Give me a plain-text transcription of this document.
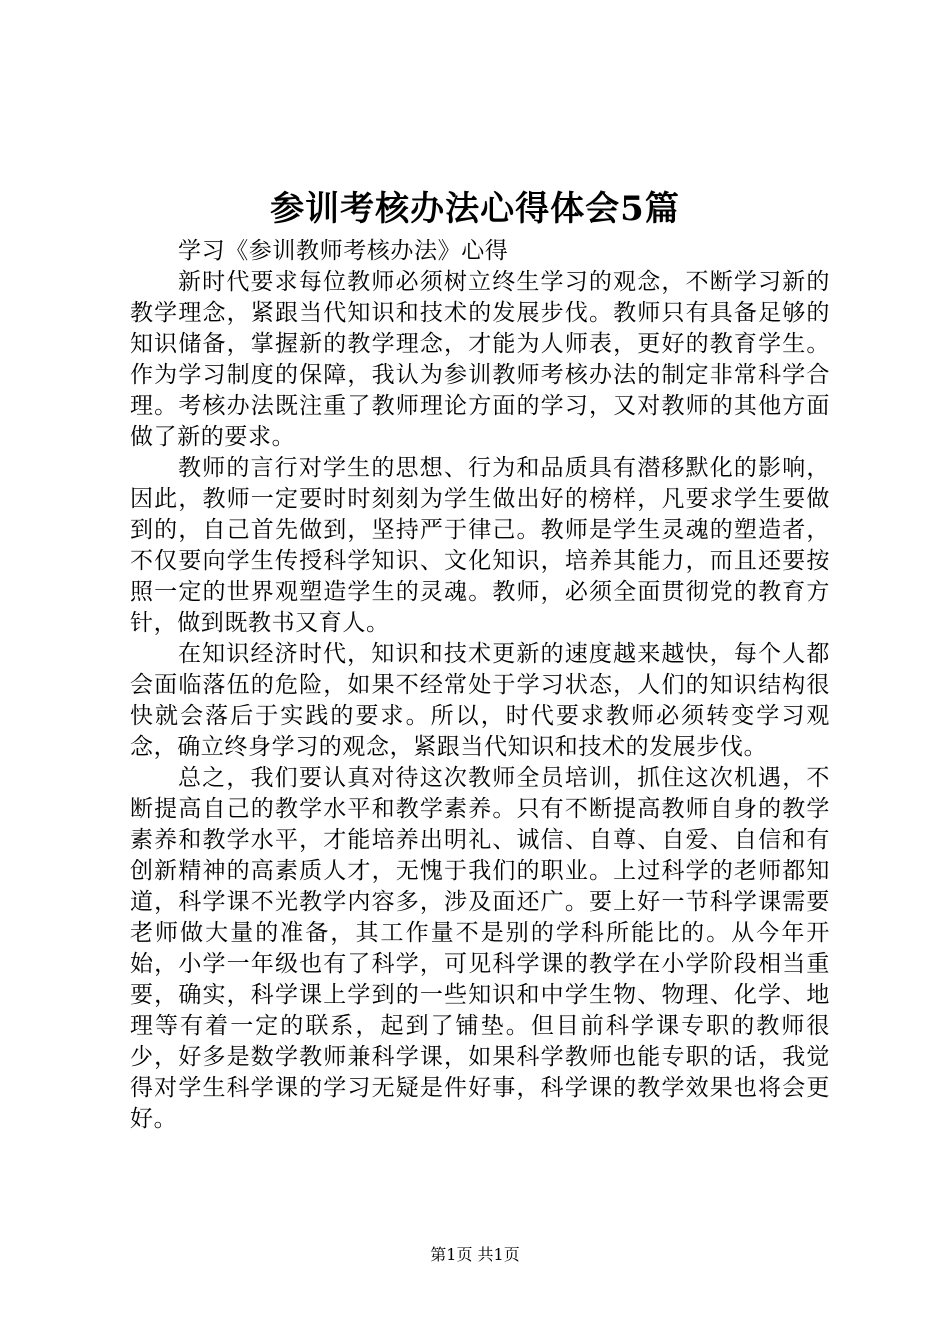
参训考核办法心得体会5篇

学习《参训教师考核办法》心得

新时代要求每位教师必须树立终生学习的观念，不断学习新的教学理念，紧跟当代知识和技术的发展步伐。教师只有具备足够的知识储备，掌握新的教学理念，才能为人师表，更好的教育学生。作为学习制度的保障，我认为参训教师考核办法的制定非常科学合理。考核办法既注重了教师理论方面的学习，又对教师的其他方面做了新的要求。

教师的言行对学生的思想、行为和品质具有潜移默化的影响，因此，教师一定要时时刻刻为学生做出好的榜样，凡要求学生要做到的，自己首先做到，坚持严于律己。教师是学生灵魂的塑造者，不仅要向学生传授科学知识、文化知识，培养其能力，而且还要按照一定的世界观塑造学生的灵魂。教师，必须全面贯彻党的教育方针，做到既教书又育人。

在知识经济时代，知识和技术更新的速度越来越快，每个人都会面临落伍的危险，如果不经常处于学习状态，人们的知识结构很快就会落后于实践的要求。所以，时代要求教师必须转变学习观念，确立终身学习的观念，紧跟当代知识和技术的发展步伐。

总之，我们要认真对待这次教师全员培训，抓住这次机遇，不断提高自己的教学水平和教学素养。只有不断提高教师自身的教学素养和教学水平，才能培养出明礼、诚信、自尊、自爱、自信和有创新精神的高素质人才，无愧于我们的职业。上过科学的老师都知道，科学课不光教学内容多，涉及面还广。要上好一节科学课需要老师做大量的准备，其工作量不是别的学科所能比的。从今年开始，小学一年级也有了科学，可见科学课的教学在小学阶段相当重要，确实，科学课上学到的一些知识和中学生物、物理、化学、地理等有着一定的联系，起到了铺垫。但目前科学课专职的教师很少，好多是数学教师兼科学课，如果科学教师也能专职的话，我觉得对学生科学课的学习无疑是件好事，科学课的教学效果也将会更好。

第1页 共1页
